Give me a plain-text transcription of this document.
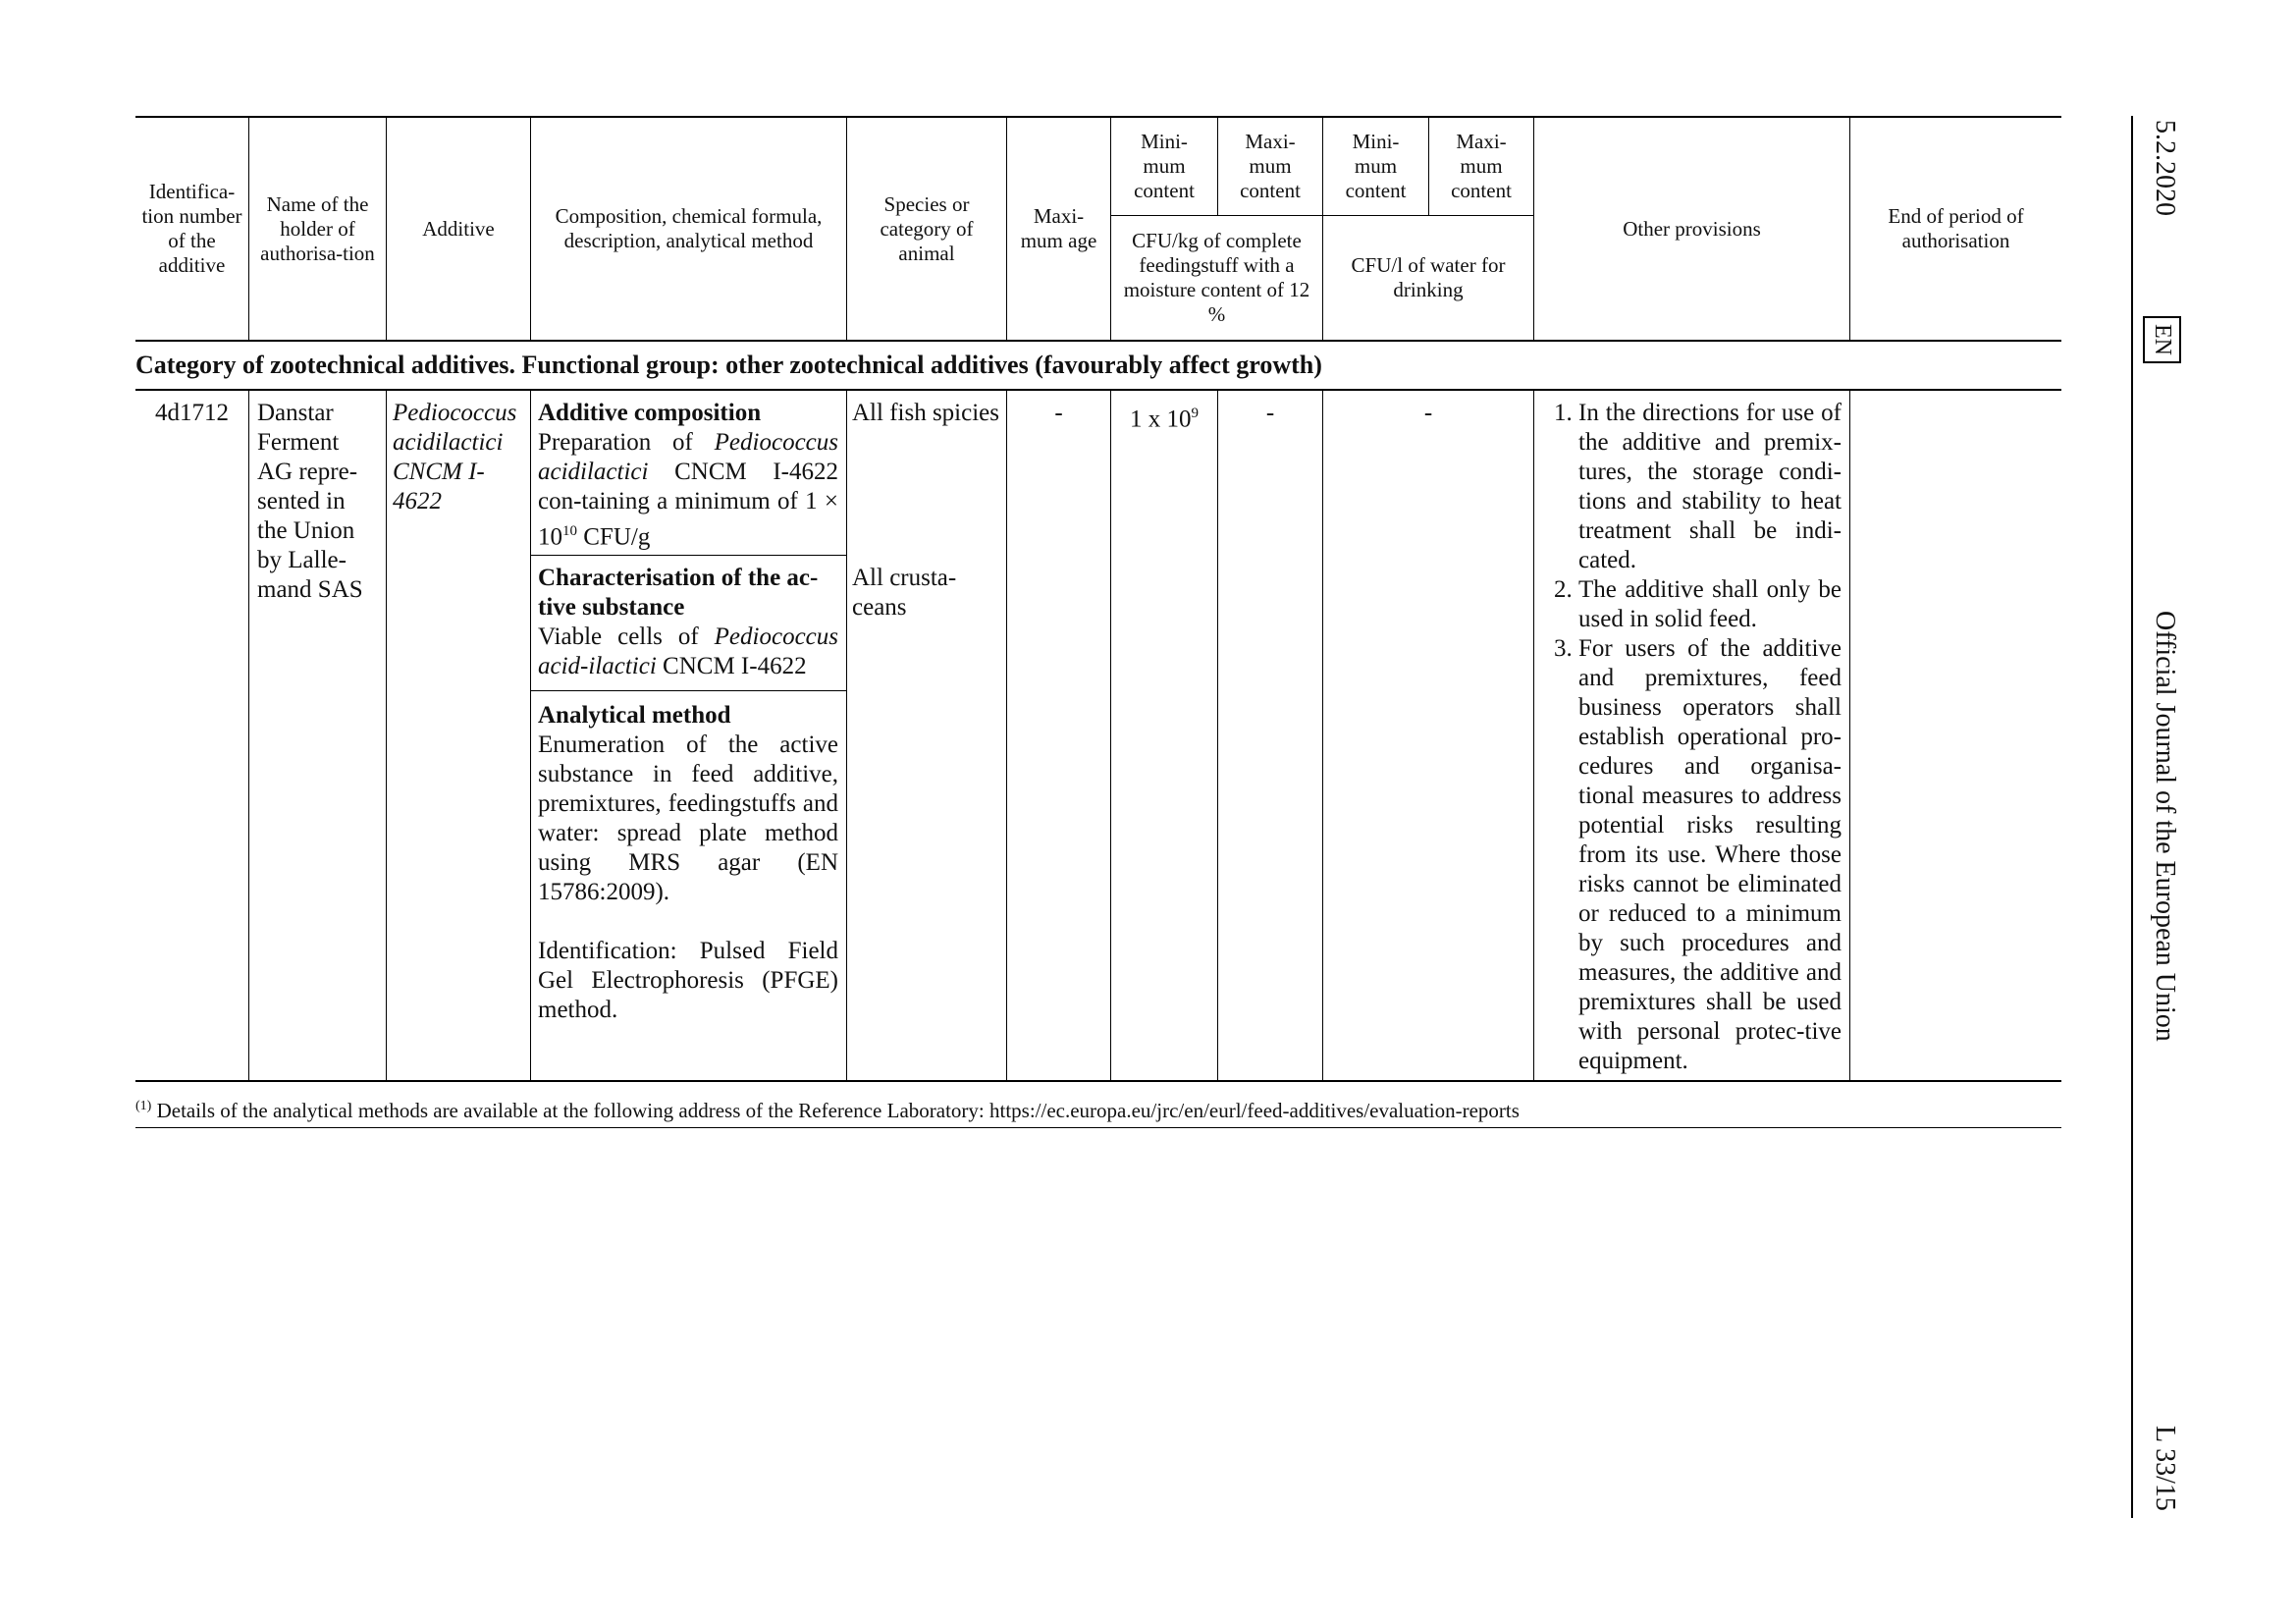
Identifica-tion number of the additive
Name of the holder of authorisa-tion
Additive
Composition, chemical formula, description, analytical method
Species or category of animal
Maxi-mum age
Mini-mum content
Maxi-mum content
Mini-mum content
Maxi-mum content
CFU/kg of complete feedingstuff with a moisture content of 12 %
CFU/l of water for drinking
Other provisions
End of period of authorisation
Category of zootechnical additives. Functional group: other zootechnical additives (favourably affect growth)
4d1712	Danstar Ferment AG repre-sented in the Union by Lalle-mand SAS
Pediococcus acidilactici CNCM I-4622
Additive composition
Preparation of Pediococcus acidilactici CNCM I-4622 con-taining a minimum of $1 \times 10^{10}$ CFU/g
Characterisation of the ac-tive substance
Viable cells of Pediococcus acid-ilactici CNCM I-4622
Analytical method
Enumeration of the active substance in feed additive, premixtures, feedingstuffs and water: spread plate method using MRS agar (EN 15786:2009).
Identification: Pulsed Field Gel Electrophoresis (PFGE) method.
All fish spicies
All crusta-ceans
-	1 x $10^9$	-	-
1.	In the directions for use of the additive and premix-tures, the storage condi-tions and stability to heat treatment shall be indi-cated.
2. The additive shall only be used in solid feed.
3. For users of the additive and premixtures, feed business operators shall establish operational pro-cedures and organisa-tional measures to address potential risks resulting from its use. Where those risks cannot be eliminated or reduced to a minimum by such procedures and measures, the additive and premixtures shall be used with personal protec-tive equipment.
$^{(1)}$ Details of the analytical methods are available at the following address of the Reference Laboratory: https://ec.europa.eu/jrc/en/eurl/feed-additives/evaluation-reports
5.2.2020
EN
Official Journal of the European Union
L 33/15
